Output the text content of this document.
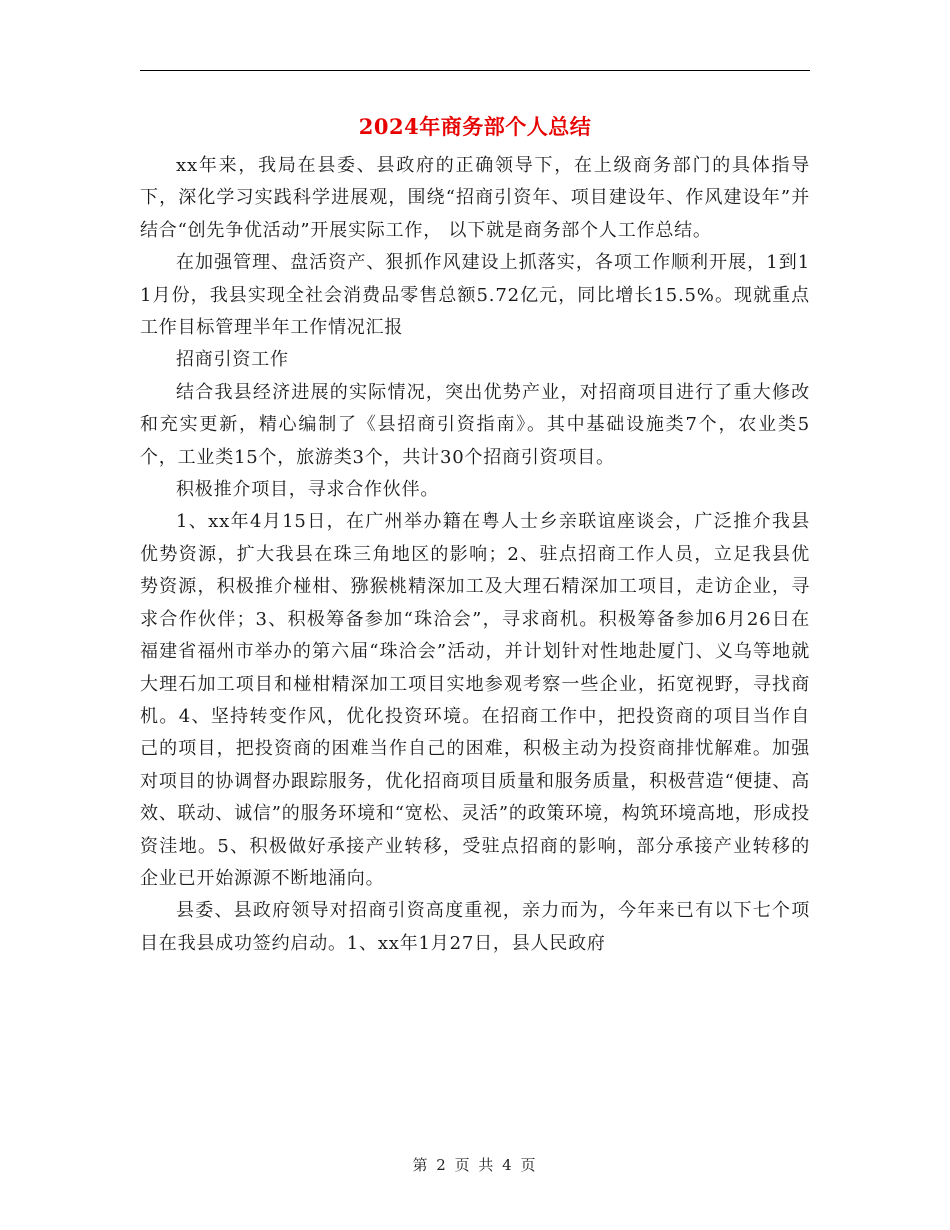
2024年商务部个人总结

xx年来，我局在县委、县政府的正确领导下，在上级商务部门的具体指导下，深化学习实践科学进展观，围绕“招商引资年、项目建设年、作风建设年”并结合“创先争优活动”开展实际工作， 以下就是商务部个人工作总结。

在加强管理、盘活资产、狠抓作风建设上抓落实，各项工作顺利开展，1到11月份，我县实现全社会消费品零售总额5.72亿元，同比增长15.5%。现就重点工作目标管理半年工作情况汇报

招商引资工作

结合我县经济进展的实际情况，突出优势产业，对招商项目进行了重大修改和充实更新，精心编制了《县招商引资指南》。其中基础设施类7个，农业类5个，工业类15个，旅游类3个，共计30个招商引资项目。

积极推介项目，寻求合作伙伴。

1、xx年4月15日，在广州举办籍在粤人士乡亲联谊座谈会，广泛推介我县优势资源，扩大我县在珠三角地区的影响；2、驻点招商工作人员，立足我县优势资源，积极推介椪柑、猕猴桃精深加工及大理石精深加工项目，走访企业，寻求合作伙伴；3、积极筹备参加“珠洽会”，寻求商机。积极筹备参加6月26日在福建省福州市举办的第六届“珠洽会”活动，并计划针对性地赴厦门、义乌等地就大理石加工项目和椪柑精深加工项目实地参观考察一些企业，拓宽视野，寻找商机。4、坚持转变作风，优化投资环境。在招商工作中，把投资商的项目当作自己的项目，把投资商的困难当作自己的困难，积极主动为投资商排忧解难。加强对项目的协调督办跟踪服务，优化招商项目质量和服务质量，积极营造“便捷、高效、联动、诚信”的服务环境和“宽松、灵活”的政策环境，构筑环境高地，形成投资洼地。5、积极做好承接产业转移，受驻点招商的影响，部分承接产业转移的企业已开始源源不断地涌向。

县委、县政府领导对招商引资高度重视，亲力而为，今年来已有以下七个项目在我县成功签约启动。1、xx年1月27日，县人民政府

第 2 页 共 4 页
